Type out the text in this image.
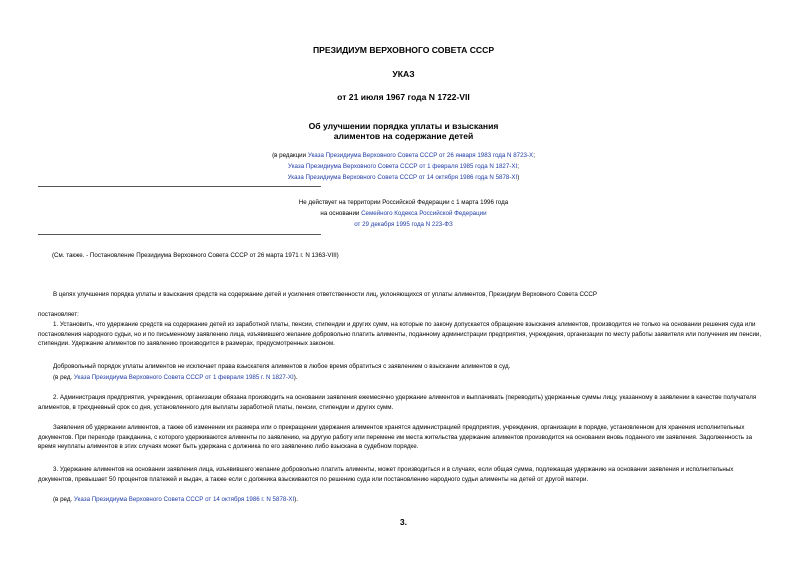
ПРЕЗИДИУМ ВЕРХОВНОГО СОВЕТА СССР
УКАЗ
от 21 июля 1967 года N 1722-VII
Об улучшении порядка уплаты и взыскания
алиментов на содержание детей
(в редакции Указа Президиума Верховного Совета СССР от 26 января 1983 года N 8723-X;
Указа Президиума Верховного Совета СССР от 1 февраля 1985 года N 1827-XI;
Указа Президиума Верховного Совета СССР от 14 октября 1986 года N 5878-XI)
Не действует на территории Российской Федерации с 1 марта 1996 года
на основании Семейного Кодекса Российской Федерации
от 29 декабря 1995 года N 223-ФЗ
(См. также. - Постановление Президиума Верховного Совета СССР от 26 марта 1971 г. N 1363-VIII)
В целях улучшения порядка уплаты и взыскания средств на содержание детей и усиления ответственности лиц, уклоняющихся от уплаты алиментов, Президиум Верховного Совета СССР
постановляет:
1. Установить, что удержание средств на содержание детей из заработной платы, пенсии, стипендии и других сумм, на которые по закону допускается обращение взыскания алиментов, производится не только на основании решения суда или постановления народного судьи, но и по письменному заявлению лица, изъявившего желание добровольно платить алименты, поданному администрации предприятия, учреждения, организации по месту работы заявителя или получения им пенсии, стипендии. Удержание алиментов по заявлению производится в размерах, предусмотренных законом.
Добровольный порядок уплаты алиментов не исключает права взыскателя алиментов в любое время обратиться с заявлением о взыскании алиментов в суд.
(в ред. Указа Президиума Верховного Совета СССР от 1 февраля 1985 г. N 1827-XI).
2. Администрация предприятия, учреждения, организации обязана производить на основании заявления ежемесячно удержание алиментов и выплачивать (переводить) удержанные суммы лицу, указанному в заявлении в качестве получателя алиментов, в трехдневный срок со дня, установленного для выплаты заработной платы, пенсии, стипендии и других сумм.
Заявления об удержании алиментов, а также об изменении их размера или о прекращении удержания алиментов хранятся администрацией предприятия, учреждения, организации в порядке, установленном для хранения исполнительных документов. При переходе гражданина, с которого удерживаются алименты по заявлению, на другую работу или перемене им места жительства удержание алиментов производится на основании вновь поданного им заявления. Задолженность за время неуплаты алиментов в этих случаях может быть удержана с должника по его заявлению либо взыскана в судебном порядке.
3. Удержание алиментов на основании заявления лица, изъявившего желание добровольно платить алименты, может производиться и в случаях, если общая сумма, подлежащая удержанию на основании заявления и исполнительных документов, превышает 50 процентов платежей и выдач, а также если с должника взыскиваются по решению суда или постановлению народного судьи алименты на детей от другой матери.
(в ред. Указа Президиума Верховного Совета СССР от 14 октября 1986 г. N 5878-XI).
3.
